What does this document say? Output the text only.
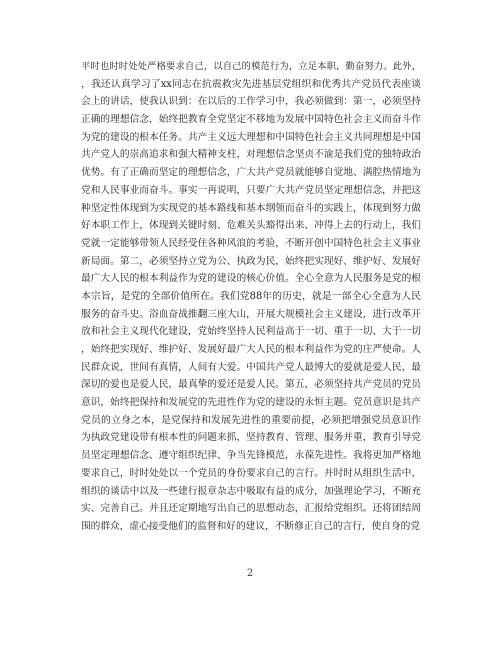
平时也时时处处严格要求自己，以自己的模范行为，立足本职，勤奋努力。此外，
，我还认真学习了xx同志在抗震救灾先进基层党组织和优秀共产党员代表座谈
会上的讲话，使我认识到：在以后的工作学习中，我必须做到：第一，必须坚持
正确的理想信念，始终把教育全党坚定不移地为发展中国特色社会主义而奋斗作
为党的建设的根本任务。共产主义远大理想和中国特色社会主义共同理想是中国
共产党人的崇高追求和强大精神支柱，对理想信念坚贞不渝是我们党的独特政治
优势。有了正确而坚定的理想信念，广大共产党员就能够自觉地、满腔热情地为
党和人民事业而奋斗。事实一再说明，只要广大共产党员坚定理想信念，并把这
种坚定性体现到为实现党的基本路线和基本纲领而奋斗的实践上，体现到努力做
好本职工作上，体现到关键时刻、危难关头豁得出来、冲得上去的行动上，我们
党就一定能够带领人民经受住各种风浪的考验，不断开创中国特色社会主义事业
新局面。第二，必须坚持立党为公、执政为民，始终把实现好、维护好、发展好
最广大人民的根本利益作为党的建设的核心价值。全心全意为人民服务是党的根
本宗旨，是党的全部价值所在。我们党88年的历史，就是一部全心全意为人民
服务的奋斗史。浴血奋战推翻三座大山，开展大规模社会主义建设，进行改革开
放和社会主义现代化建设，党始终坚持人民利益高于一切、重于一切、大于一切
，始终把实现好、维护好、发展好最广大人民的根本利益作为党的庄严使命。人
民群众说，世间有真情，人间有大爱。中国共产党人最博大的爱就是爱人民，最
深切的爱也是爱人民，最真挚的爱还是爱人民。第五，必须坚持共产党员的党员
意识，始终把保持和发展党的先进性作为党的建设的永恒主题。党员意识是共产
党员的立身之本，是党保持和发展先进性的重要前提，必须把增强党员意识作
为执政党建设带有根本性的问题来抓，坚持教育、管理、服务并重，教育引导党
员坚定理想信念、遵守组织纪律、争当先锋模范，永葆先进性。我将更加严格地
要求自己，时时处处以一个党员的身份要求自己的言行。并时时从组织生活中、
组织的谈话中以及一些建行报章杂志中吸取有益的成分，加强理论学习，不断充
实、完善自己。并且还定期地写出自己的思想动态，汇报给党组织。还将团结周
围的群众，虚心接受他们的监督和好的建议，不断修正自己的言行，使自身的党
2
